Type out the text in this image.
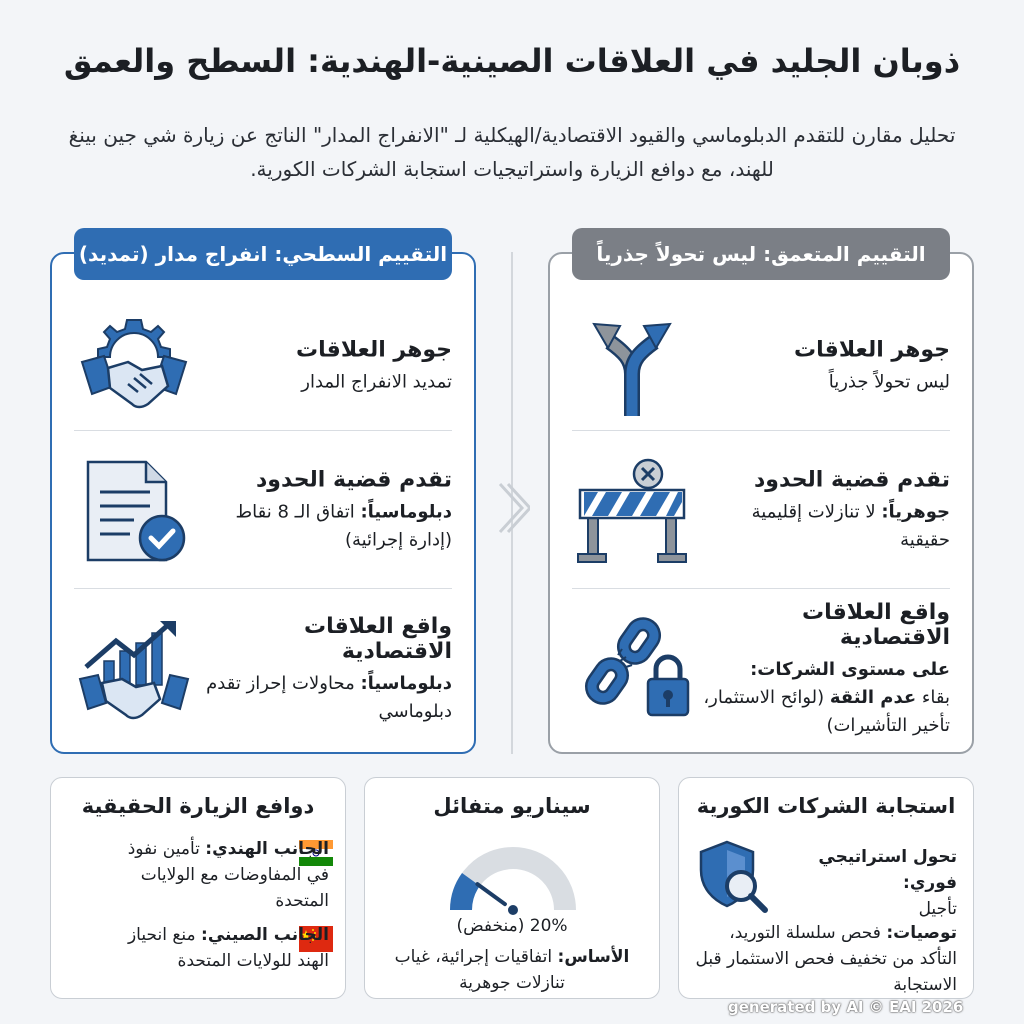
ذوبان الجليد في العلاقات الصينية-الهندية: السطح والعمق

تحليل مقارن للتقدم الدبلوماسي والقيود الاقتصادية/الهيكلية لـ "الانفراج المدار" الناتج عن زيارة شي جين بينغ للهند، مع دوافع الزيارة واستراتيجيات استجابة الشركات الكورية.

التقييم السطحي: انفراج مدار (تمديد)
جوهر العلاقات
تمديد الانفراج المدار
تقدم قضية الحدود
دبلوماسياً: اتفاق الـ 8 نقاط (إدارة إجرائية)
واقع العلاقات الاقتصادية
دبلوماسياً: محاولات إحراز تقدم دبلوماسي
التقييم المتعمق: ليس تحولاً جذرياً
جوهر العلاقات
ليس تحولاً جذرياً
تقدم قضية الحدود
جوهرياً: لا تنازلات إقليمية حقيقية
واقع العلاقات الاقتصادية
على مستوى الشركات:
بقاء عدم الثقة (لوائح الاستثمار، تأخير التأشيرات)
دوافع الزيارة الحقيقية
الجانب الهندي: تأمين نفوذ في المفاوضات مع الولايات المتحدة
الجانب الصيني: منع انحياز الهند للولايات المتحدة
سيناريو متفائل
20% (منخفض)
الأساس: اتفاقيات إجرائية، غياب تنازلات جوهرية
استجابة الشركات الكورية
تحول استراتيجي فوري:
تأجيل
توصيات: فحص سلسلة التوريد، التأكد من تخفيف فحص الاستثمار قبل الاستجابة
generated by AI © EAI 2026
